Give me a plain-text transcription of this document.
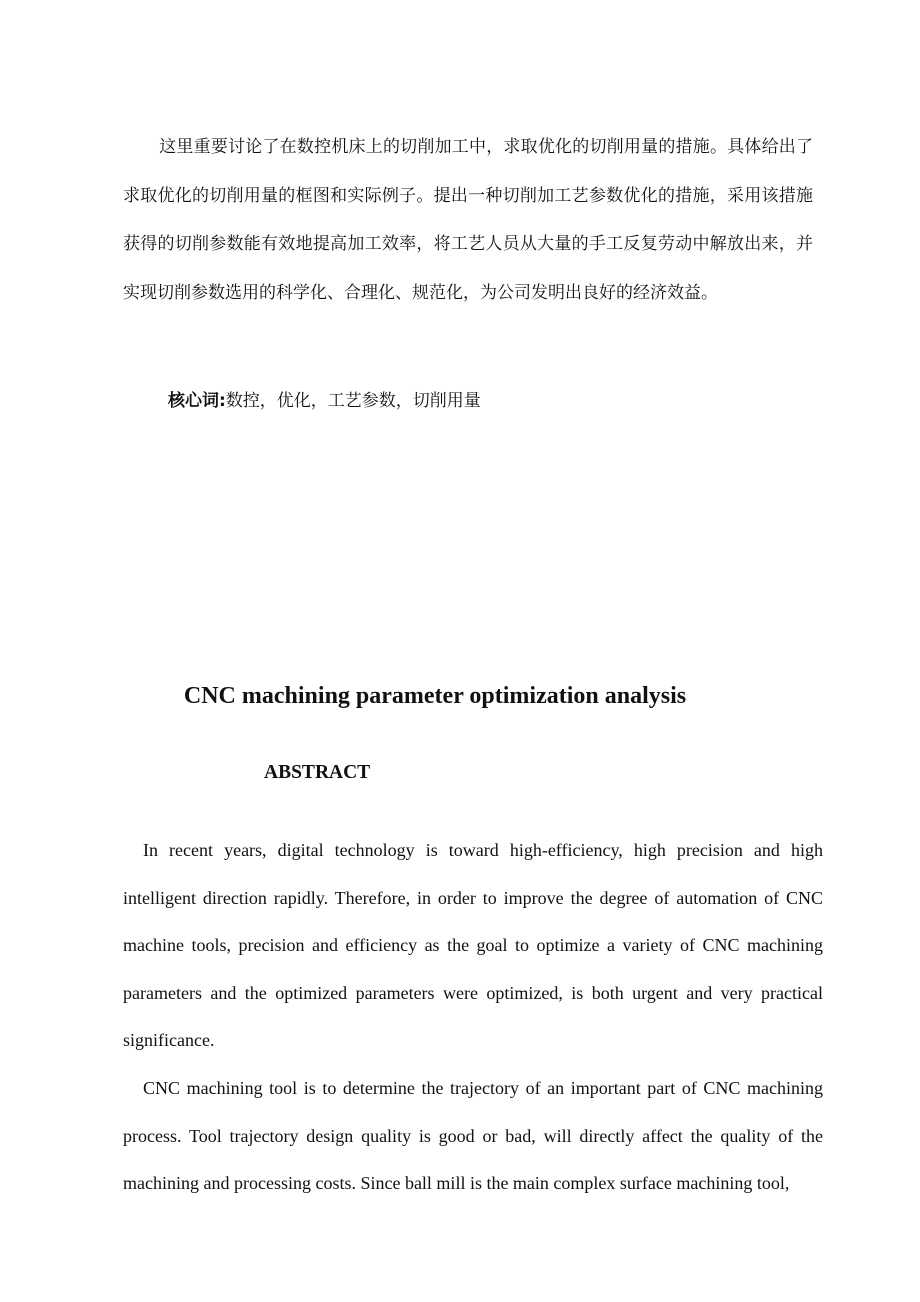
这里重要讨论了在数控机床上的切削加工中，求取优化的切削用量的措施。具体给出了求取优化的切削用量的框图和实际例子。提出一种切削加工艺参数优化的措施，采用该措施获得的切削参数能有效地提高加工效率，将工艺人员从大量的手工反复劳动中解放出来，并实现切削参数选用的科学化、合理化、规范化，为公司发明出良好的经济效益。

核心词:数控，优化，工艺参数，切削用量

CNC machining parameter optimization analysis
ABSTRACT

In recent years, digital technology is toward high-efficiency, high precision and high intelligent direction rapidly. Therefore, in order to improve the degree of automation of CNC machine tools, precision and efficiency as the goal to optimize a variety of CNC machining parameters and the optimized parameters were optimized, is both urgent and very practical significance.

CNC machining tool is to determine the trajectory of an important part of CNC machining process. Tool trajectory design quality is good or bad, will directly affect the quality of the machining and processing costs. Since ball mill is the main complex surface machining tool,
